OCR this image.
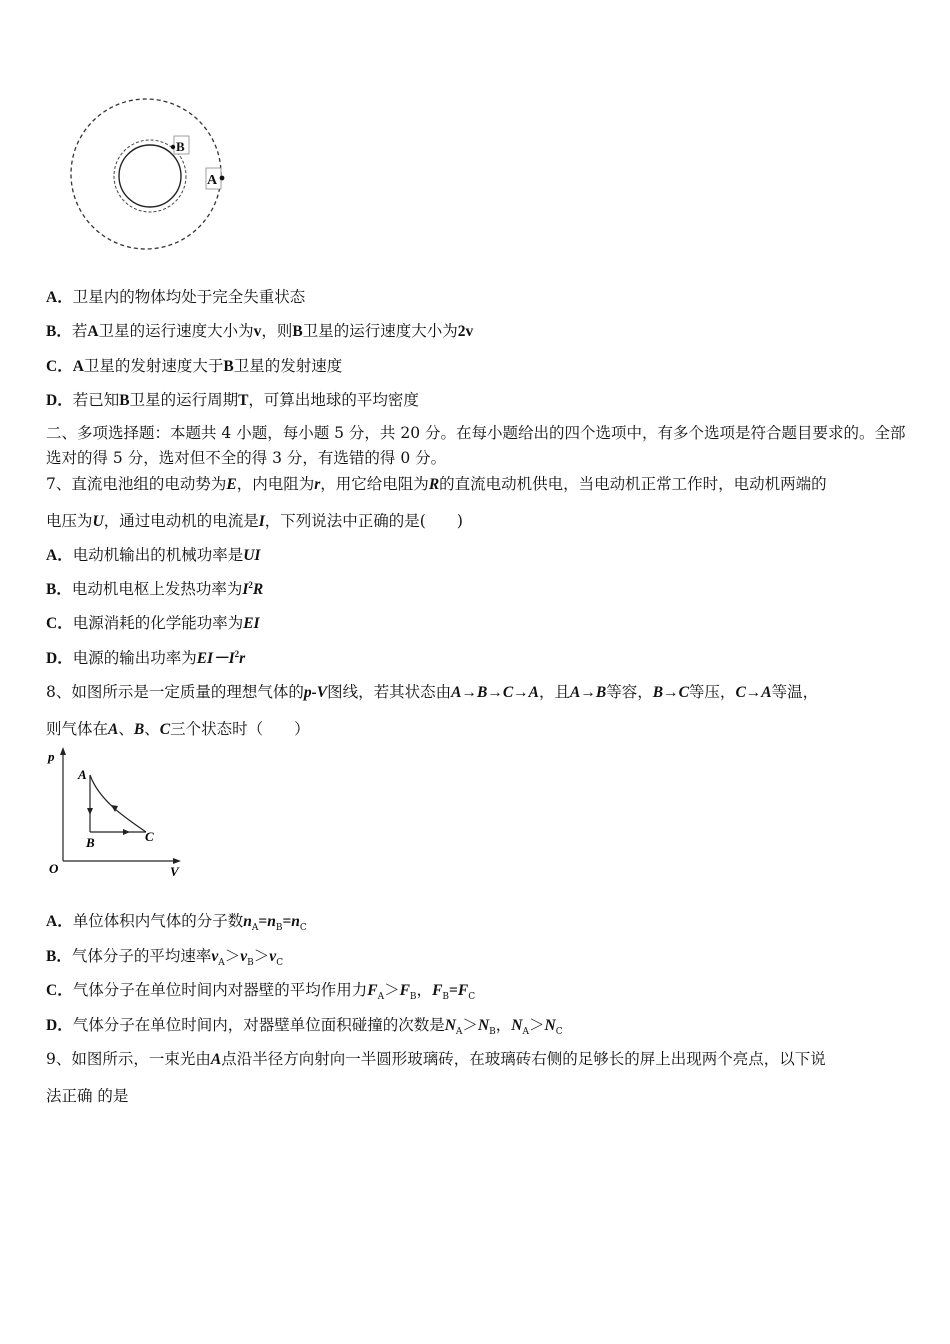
B
A
A．卫星内的物体均处于完全失重状态
B．若A卫星的运行速度大小为v，则B卫星的运行速度大小为2v
C．A卫星的发射速度大于B卫星的发射速度
D．若已知B卫星的运行周期T，可算出地球的平均密度
二、多项选择题：本题共 4 小题，每小题 5 分，共 20 分。在每小题给出的四个选项中，有多个选项是符合题目要求的。全部选对的得 5 分，选对但不全的得 3 分，有选错的得 0 分。
7、直流电池组的电动势为E，内电阻为r，用它给电阻为R的直流电动机供电，当电动机正常工作时，电动机两端的
电压为U，通过电动机的电流是I，下列说法中正确的是(　　)
A．电动机输出的机械功率是UI
B．电动机电枢上发热功率为$I^2R$
C．电源消耗的化学能功率为EI
D．电源的输出功率为$EI-I^2r$
8、如图所示是一定质量的理想气体的p-V图线，若其状态由A→B→C→A，且A→B等容，B→C等压，C→A等温，
则气体在A、B、C三个状态时（　　）
p
V
O
A
B	C
A．单位体积内气体的分子数$n_A=n_B=n_C$
B．气体分子的平均速率$v_A>v_B>v_C$
C．气体分子在单位时间内对器壁的平均作用力$F_A>F_B$，$F_B=F_C$
D．气体分子在单位时间内，对器壁单位面积碰撞的次数是$N_A>N_B$，$N_A>N_C$
9、如图所示，一束光由A点沿半径方向射向一半圆形玻璃砖，在玻璃砖右侧的足够长的屏上出现两个亮点，以下说
法正确 的是
